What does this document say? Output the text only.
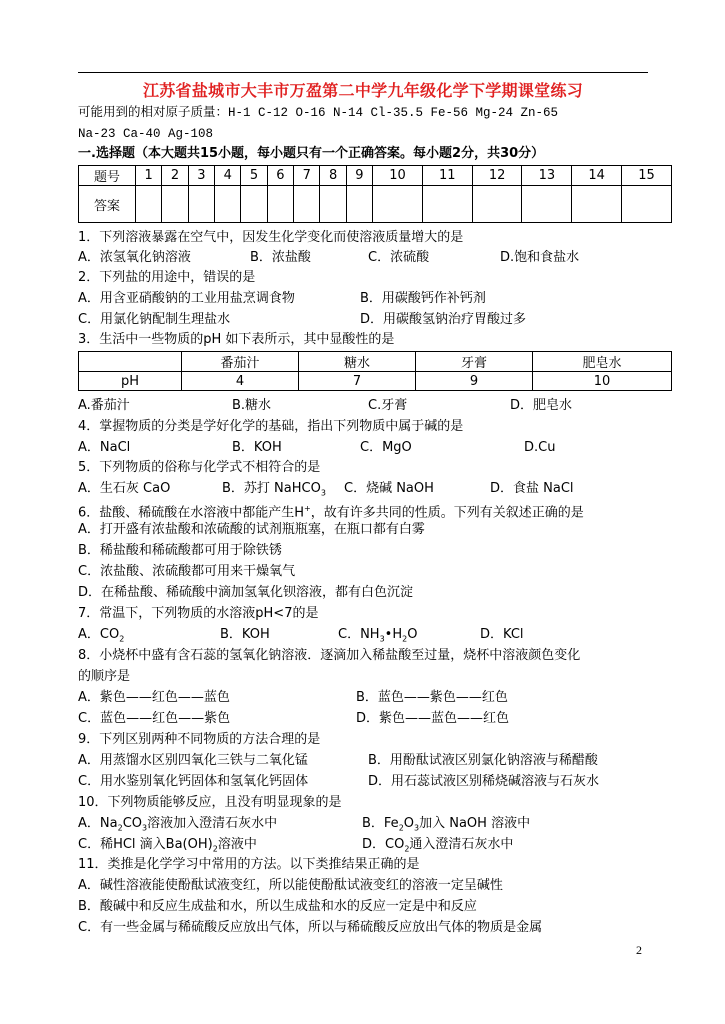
江苏省盐城市大丰市万盈第二中学九年级化学下学期课堂练习
可能用到的相对原子质量：H-1 C-12 O-16 N-14 Cl-35.5 Fe-56 Mg-24 Zn-65
Na-23 Ca-40 Ag-108
一.选择题（本大题共15小题，每小题只有一个正确答案。每小题2分，共30分）
题号	1	2	3	4	5	6	7	8	9	10	11	12	13	14	15
答案															
1．下列溶液暴露在空气中，因发生化学变化而使溶液质量增大的是
A．浓氢氧化钠溶液	B．浓盐酸	C．浓硫酸	D.饱和食盐水
2．下列盐的用途中，错误的是
A．用含亚硝酸钠的工业用盐烹调食物	B．用碳酸钙作补钙剂
C．用氯化钠配制生理盐水	D．用碳酸氢钠治疗胃酸过多
3．生活中一些物质的pH 如下表所示，其中显酸性的是
	番茄汁	糖水	牙膏	肥皂水
pH	4	7	9	10
A.番茄汁	B.糖水	C.牙膏	D．肥皂水
4．掌握物质的分类是学好化学的基础，指出下列物质中属于碱的是
A．NaCl	B．KOH	C．MgO	D.Cu
5．下列物质的俗称与化学式不相符合的是
A．生石灰 CaO	B．苏打 NaHCO$_3$ C．烧碱 NaOH	D．食盐 NaCl
6．盐酸、稀硫酸在水溶液中都能产生H+，故有许多共同的性质。下列有关叙述正确的是
A．打开盛有浓盐酸和浓硫酸的试剂瓶瓶塞，在瓶口都有白雾
B．稀盐酸和稀硫酸都可用于除铁锈
C．浓盐酸、浓硫酸都可用来干燥氧气
D．在稀盐酸、稀硫酸中滴加氢氧化钡溶液，都有白色沉淀
7．常温下，下列物质的水溶液pH<7的是
A．$CO_2$	B．KOH	C．$NH_3•H_2O$	D．KCl
8．小烧杯中盛有含石蕊的氢氧化钠溶液．逐滴加入稀盐酸至过量，烧杯中溶液颜色变化
的顺序是
A．紫色——红色——蓝色	B．蓝色——紫色——红色
C．蓝色——红色——紫色	D．紫色——蓝色——红色
9．下列区别两种不同物质的方法合理的是
A．用蒸馏水区别四氧化三铁与二氧化锰	B．用酚酞试液区别氯化钠溶液与稀醋酸
C．用水鉴别氧化钙固体和氢氧化钙固体	D．用石蕊试液区别稀烧碱溶液与石灰水
10．下列物质能够反应，且没有明显现象的是
A．$Na_2CO_3$溶液加入澄清石灰水中	B．$Fe_2O_3$加入 NaOH 溶液中
C．稀HCl 滴入$Ba(OH)_2$溶液中	D．$CO_2$通入澄清石灰水中
11．类推是化学学习中常用的方法。以下类推结果正确的是
A．碱性溶液能使酚酞试液变红，所以能使酚酞试液变红的溶液一定呈碱性
B．酸碱中和反应生成盐和水，所以生成盐和水的反应一定是中和反应
C．有一些金属与稀硫酸反应放出气体，所以与稀硫酸反应放出气体的物质是金属
2
